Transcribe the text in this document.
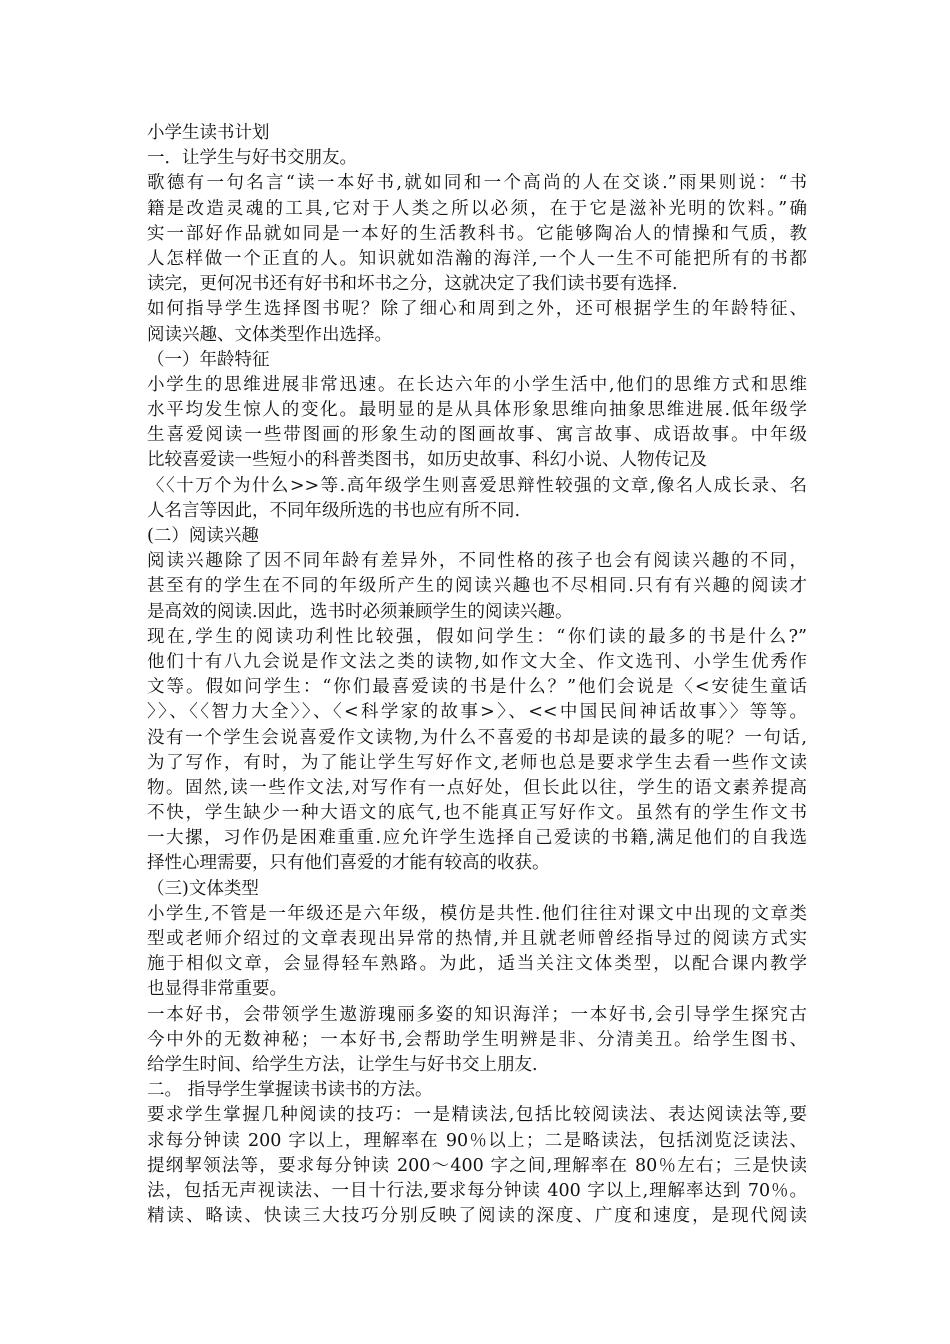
小学生读书计划
一．让学生与好书交朋友。
歌德有一句名言“读一本好书,就如同和一个高尚的人在交谈.”雨果则说：“书
籍是改造灵魂的工具,它对于人类之所以必须，在于它是滋补光明的饮料。”确
实一部好作品就如同是一本好的生活教科书。它能够陶冶人的情操和气质，教
人怎样做一个正直的人。知识就如浩瀚的海洋,一个人一生不可能把所有的书都
读完，更何况书还有好书和坏书之分，这就决定了我们读书要有选择.
如何指导学生选择图书呢？除了细心和周到之外，还可根据学生的年龄特征、
阅读兴趣、文体类型作出选择。
（一）年龄特征
小学生的思维进展非常迅速。在长达六年的小学生活中,他们的思维方式和思维
水平均发生惊人的变化。最明显的是从具体形象思维向抽象思维进展.低年级学
生喜爱阅读一些带图画的形象生动的图画故事、寓言故事、成语故事。中年级
比较喜爱读一些短小的科普类图书，如历史故事、科幻小说、人物传记及
〈〈十万个为什么>>等.高年级学生则喜爱思辩性较强的文章,像名人成长录、名
人名言等因此，不同年级所选的书也应有所不同.
(二）阅读兴趣
阅读兴趣除了因不同年龄有差异外，不同性格的孩子也会有阅读兴趣的不同，
甚至有的学生在不同的年级所产生的阅读兴趣也不尽相同.只有有兴趣的阅读才
是高效的阅读.因此，选书时必须兼顾学生的阅读兴趣。
现在,学生的阅读功利性比较强，假如问学生：“你们读的最多的书是什么?”
他们十有八九会说是作文法之类的读物,如作文大全、作文选刊、小学生优秀作
文等。假如问学生：“你们最喜爱读的书是什么？”他们会说是〈<安徒生童话
〉〉、〈〈智力大全〉〉、〈<科学家的故事>〉、<<中国民间神话故事〉〉等等。
没有一个学生会说喜爱作文读物,为什么不喜爱的书却是读的最多的呢？一句话,
为了写作，有时，为了能让学生写好作文,老师也总是要求学生去看一些作文读
物。固然,读一些作文法,对写作有一点好处，但长此以往，学生的语文素养提高
不快，学生缺少一种大语文的底气,也不能真正写好作文。虽然有的学生作文书
一大摞，习作仍是困难重重.应允许学生选择自己爱读的书籍,满足他们的自我选
择性心理需要，只有他们喜爱的才能有较高的收获。
（三)文体类型
小学生,不管是一年级还是六年级，模仿是共性.他们往往对课文中出现的文章类
型或老师介绍过的文章表现出异常的热情,并且就老师曾经指导过的阅读方式实
施于相似文章，会显得轻车熟路。为此，适当关注文体类型，以配合课内教学
也显得非常重要。
一本好书，会带领学生遨游瑰丽多姿的知识海洋；一本好书,会引导学生探究古
今中外的无数神秘；一本好书,会帮助学生明辨是非、分清美丑。给学生图书、
给学生时间、给学生方法，让学生与好书交上朋友.
二。 指导学生掌握读书读书的方法。
要求学生掌握几种阅读的技巧：一是精读法,包括比较阅读法、表达阅读法等,要
求每分钟读 200 字以上，理解率在 90％以上；二是略读法，包括浏览泛读法、
提纲挈领法等，要求每分钟读 200～400 字之间,理解率在 80％左右；三是快读
法，包括无声视读法、一目十行法,要求每分钟读 400 字以上,理解率达到 70％。
精读、略读、快读三大技巧分别反映了阅读的深度、广度和速度，是现代阅读
